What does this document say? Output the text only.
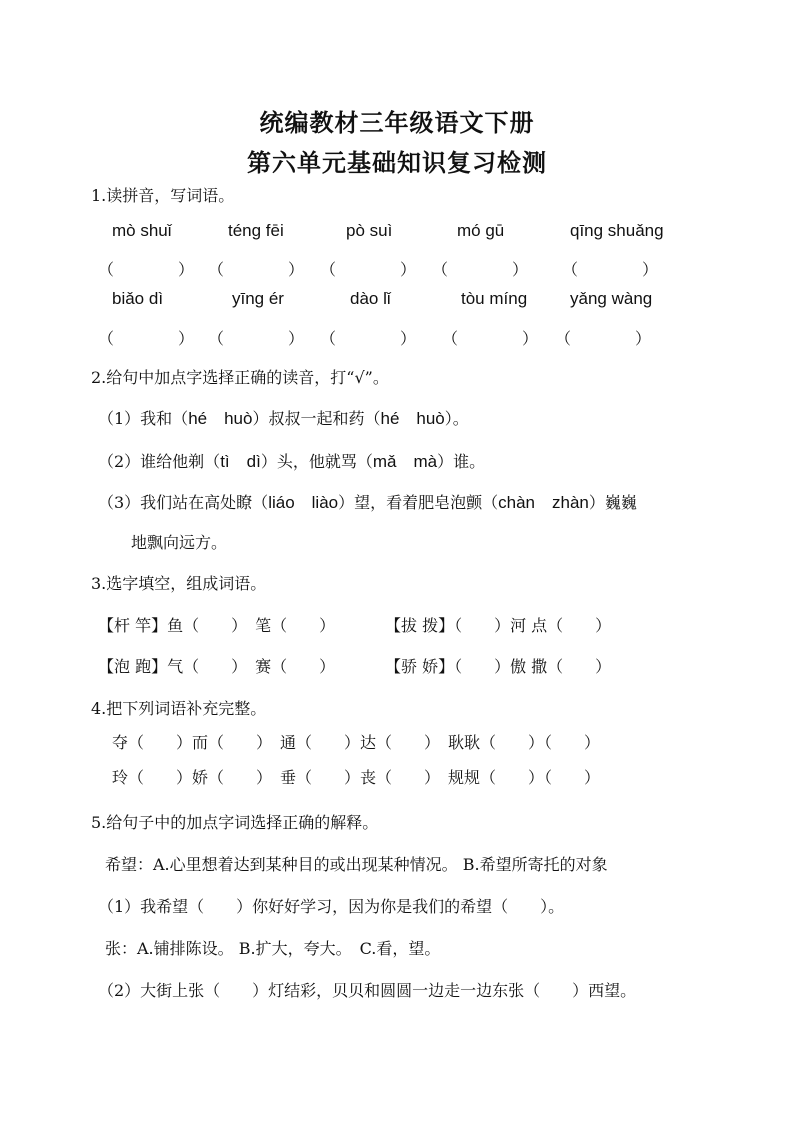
统编教材三年级语文下册
第六单元基础知识复习检测
1.读拼音，写词语。
mò shuǐ	téng fēi	pò suì	mó gū	qīng shuǎng
（　　　　） （　　　　） （　　　　） （　　　　） （　　　　）
biǎo dì	yīng ér	dào lǐ	tòu míng	yǎng wàng
（　　　　） （　　　　） （　　　　） （　　　　） （　　　　）
2.给句中加点字选择正确的读音，打“√”。
（1）我和（hé　huò）叔叔一起和药（hé　huò）。
（2）谁给他剃（tì　dì）头，他就骂（mǎ　mà）谁。
（3）我们站在高处瞭（liáo　liào）望，看着肥皂泡颤（chàn　zhàn）巍巍
地飘向远方。
3.选字填空，组成词语。
【杆 竿】鱼（　　）　笔（　　）	【拔 拨】（　　）河 点（　　）
【泡 跑】气（　　）　赛（　　）	【骄 娇】（　　）傲 撒（　　）
4.把下列词语补充完整。
夺（　　）而（　　）　通（　　）达（　　）　耿耿（　　）（　　）
玲（　　）娇（　　）　垂（　　）丧（　　）　规规（　　）（　　）
5.给句子中的加点字词选择正确的解释。
希望：A.心里想着达到某种目的或出现某种情况。 B.希望所寄托的对象
（1）我希望（　　）你好好学习，因为你是我们的希望（　　）。
张：A.铺排陈设。 B.扩大，夸大。　C.看，望。
（2）大街上张（　　）灯结彩，贝贝和圆圆一边走一边东张（　　）西望。
